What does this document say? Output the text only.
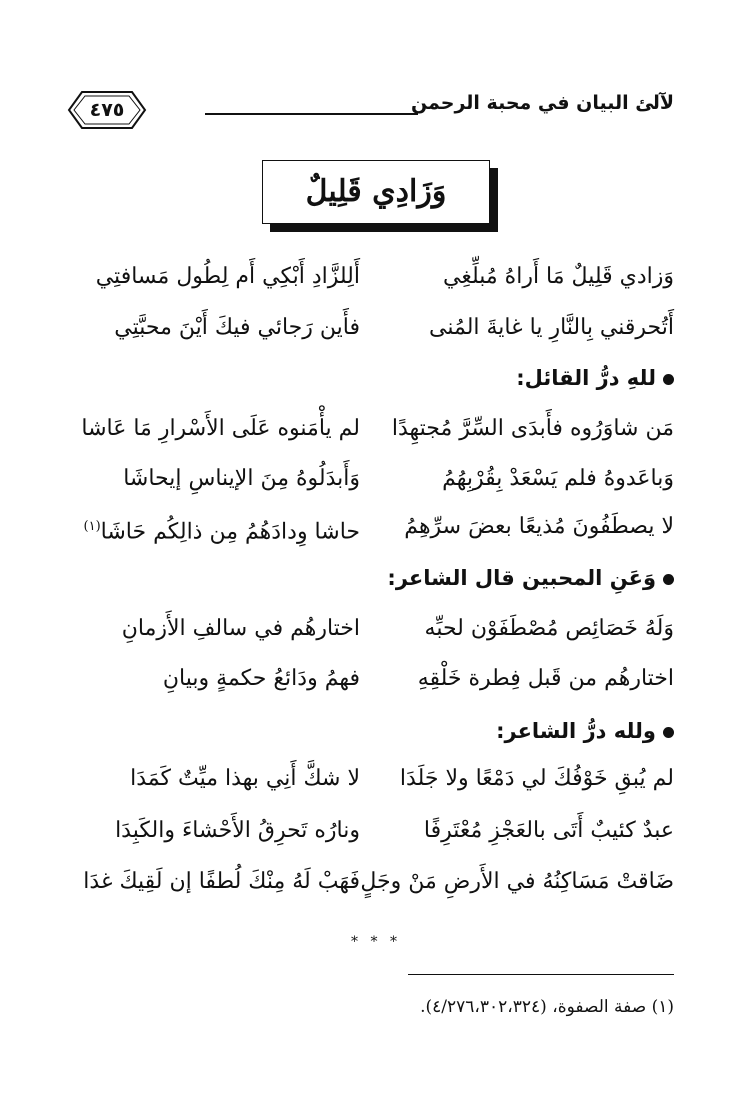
لآلئ البيان في محبة الرحمن
٤٧٥
وَزَادِي قَلِيلٌ
وَزادي قَلِيلٌ مَا أَراهُ مُبلِّغِي
أَلِلزَّادِ أَبْكِي أَم لِطُول مَسافتِي
أَتُحرقني بِالنَّارِ يا غايةَ المُنى
فأَين رَجائي فيكَ أَيْنَ محبَّتِي
للهِ درُّ القائل:
مَن شاوَرُوه فأَبدَى السِّرَّ مُجتهِدًا
لم يأْمَنوه عَلَى الأَسْرارِ مَا عَاشا
وَباعَدوهُ فلم يَسْعَدْ بِقُرْبِهُمُ
وَأَبدَلُوهُ مِنَ الإيناسِ إيحاشَا
لا يصطَفُونَ مُذيعًا بعضَ سرِّهِمُ
حاشا وِدادَهُمُ مِن ذالِكُم حَاشَا$^{(١)}$
وَعَنِ المحبين قال الشاعر:
وَلَهُ خَصَائِص مُصْطَفَوْن لحبِّه
اختارهُم في سالفِ الأَزمانِ
اختارهُم من قَبل فِطرة خَلْقِهِ
فهمُ ودَائعُ حكمةٍ وبيانِ
ولله درُّ الشاعر:
لم يُبقِ خَوْفُكَ لي دَمْعًا ولا جَلَدَا
لا شكَّ أَنِي بهذا ميِّتٌ كَمَدَا
عبدٌ كئيبٌ أَتَى بالعَجْزِ مُعْتَرِفًا
ونارُه تَحرِقُ الأَحْشاءَ والكَبِدَا
ضَاقتْ مَسَاكِنُهُ في الأَرضِ مَنْ وجَلٍ
فَهَبْ لَهُ مِنْكَ لُطفًا إن لَقِيكَ غدَا
* * *
(١) صفة الصفوة، (٤/٢٧٦،٣٠٢،٣٢٤).
